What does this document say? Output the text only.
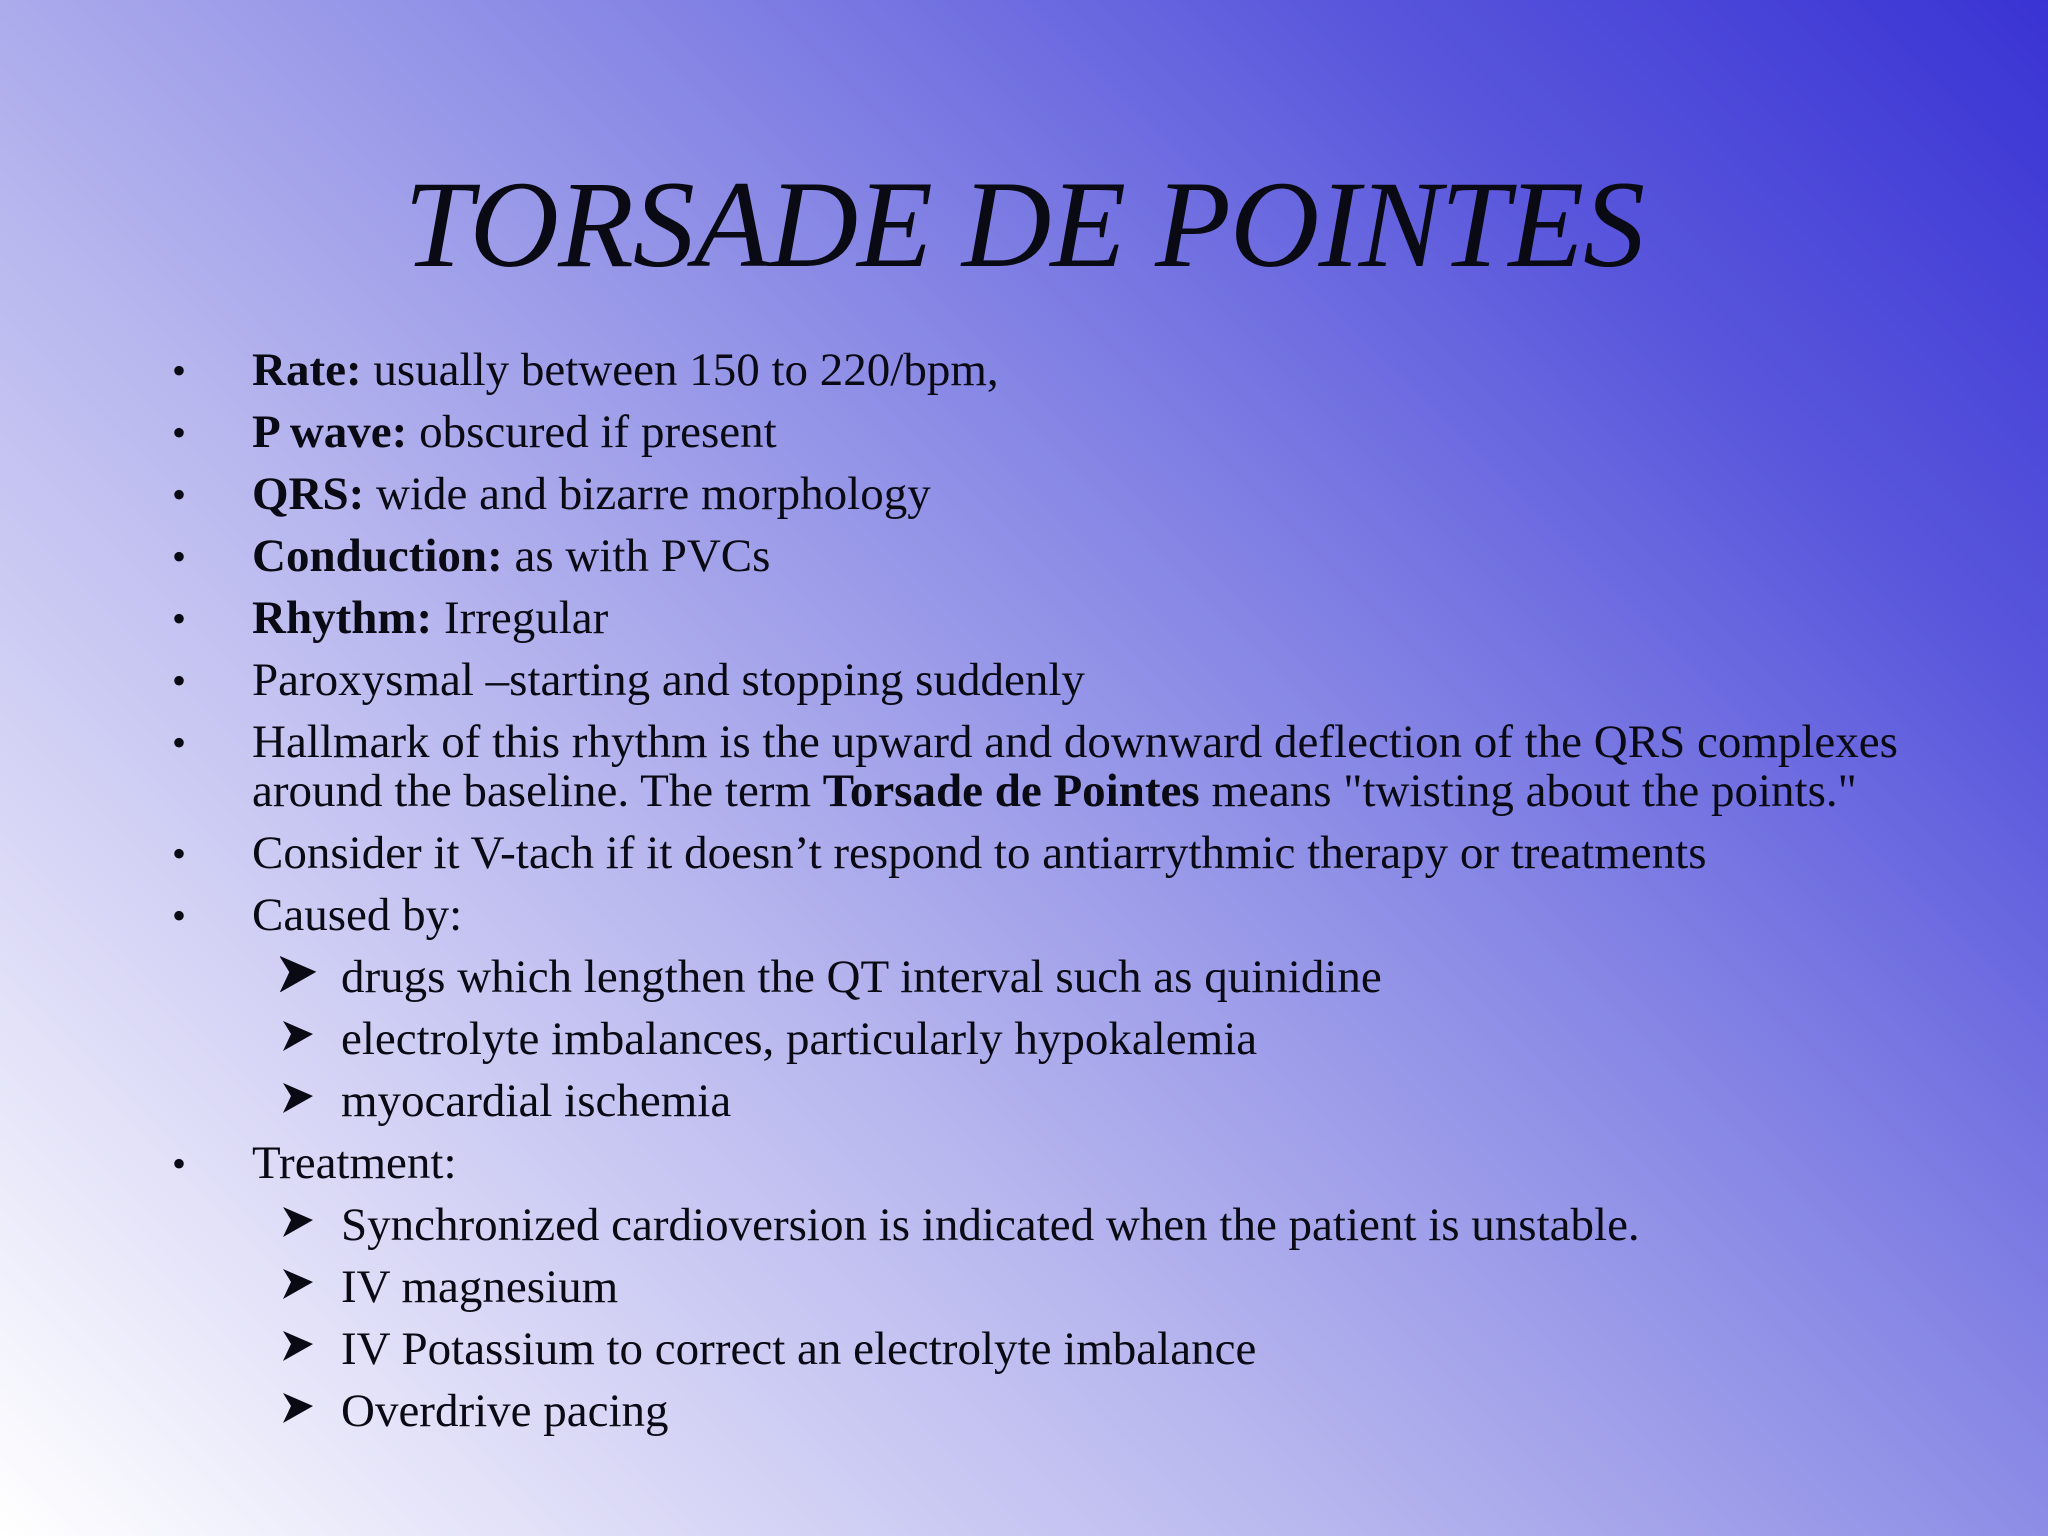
TORSADE DE POINTES
• Rate: usually between 150 to 220/bpm,
• P wave: obscured if present
• QRS: wide and bizarre morphology
• Conduction: as with PVCs
• Rhythm: Irregular
• Paroxysmal –starting and stopping suddenly
• Hallmark of this rhythm is the upward and downward deflection of the QRS complexes around the baseline. The term Torsade de Pointes means "twisting about the points."
• Consider it V-tach if it doesn’t respond to antiarrythmic therapy or treatments
• Caused by:
drugs which lengthen the QT interval such as quinidine
electrolyte imbalances, particularly hypokalemia
myocardial ischemia
• Treatment:
Synchronized cardioversion is indicated when the patient is unstable.
IV magnesium
IV Potassium to correct an electrolyte imbalance
Overdrive pacing
